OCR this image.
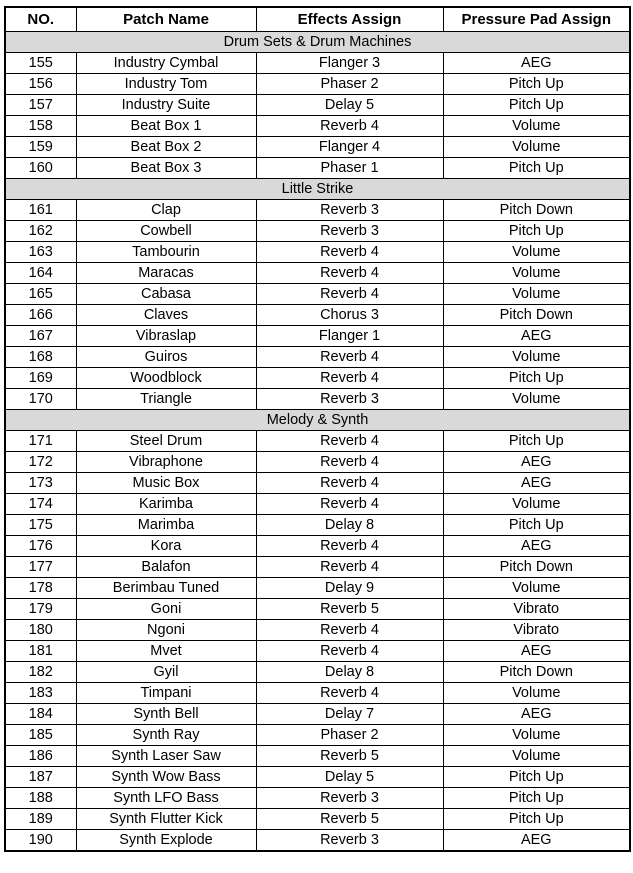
NO.	Patch Name	Effects Assign	Pressure Pad Assign
Drum Sets & Drum Machines			
155	Industry Cymbal	Flanger 3	AEG
156	Industry Tom	Phaser 2	Pitch Up
157	Industry Suite	Delay 5	Pitch Up
158	Beat Box 1	Reverb 4	Volume
159	Beat Box 2	Flanger 4	Volume
160	Beat Box 3	Phaser 1	Pitch Up
Little Strike			
161	Clap	Reverb 3	Pitch Down
162	Cowbell	Reverb 3	Pitch Up
163	Tambourin	Reverb 4	Volume
164	Maracas	Reverb 4	Volume
165	Cabasa	Reverb 4	Volume
166	Claves	Chorus 3	Pitch Down
167	Vibraslap	Flanger 1	AEG
168	Guiros	Reverb 4	Volume
169	Woodblock	Reverb 4	Pitch Up
170	Triangle	Reverb 3	Volume
Melody & Synth			
171	Steel Drum	Reverb 4	Pitch Up
172	Vibraphone	Reverb 4	AEG
173	Music Box	Reverb 4	AEG
174	Karimba	Reverb 4	Volume
175	Marimba	Delay 8	Pitch Up
176	Kora	Reverb 4	AEG
177	Balafon	Reverb 4	Pitch Down
178	Berimbau Tuned	Delay 9	Volume
179	Goni	Reverb 5	Vibrato
180	Ngoni	Reverb 4	Vibrato
181	Mvet	Reverb 4	AEG
182	Gyil	Delay 8	Pitch Down
183	Timpani	Reverb 4	Volume
184	Synth Bell	Delay 7	AEG
185	Synth Ray	Phaser 2	Volume
186	Synth Laser Saw	Reverb 5	Volume
187	Synth Wow Bass	Delay 5	Pitch Up
188	Synth LFO Bass	Reverb 3	Pitch Up
189	Synth Flutter Kick	Reverb 5	Pitch Up
190	Synth Explode	Reverb 3	AEG
